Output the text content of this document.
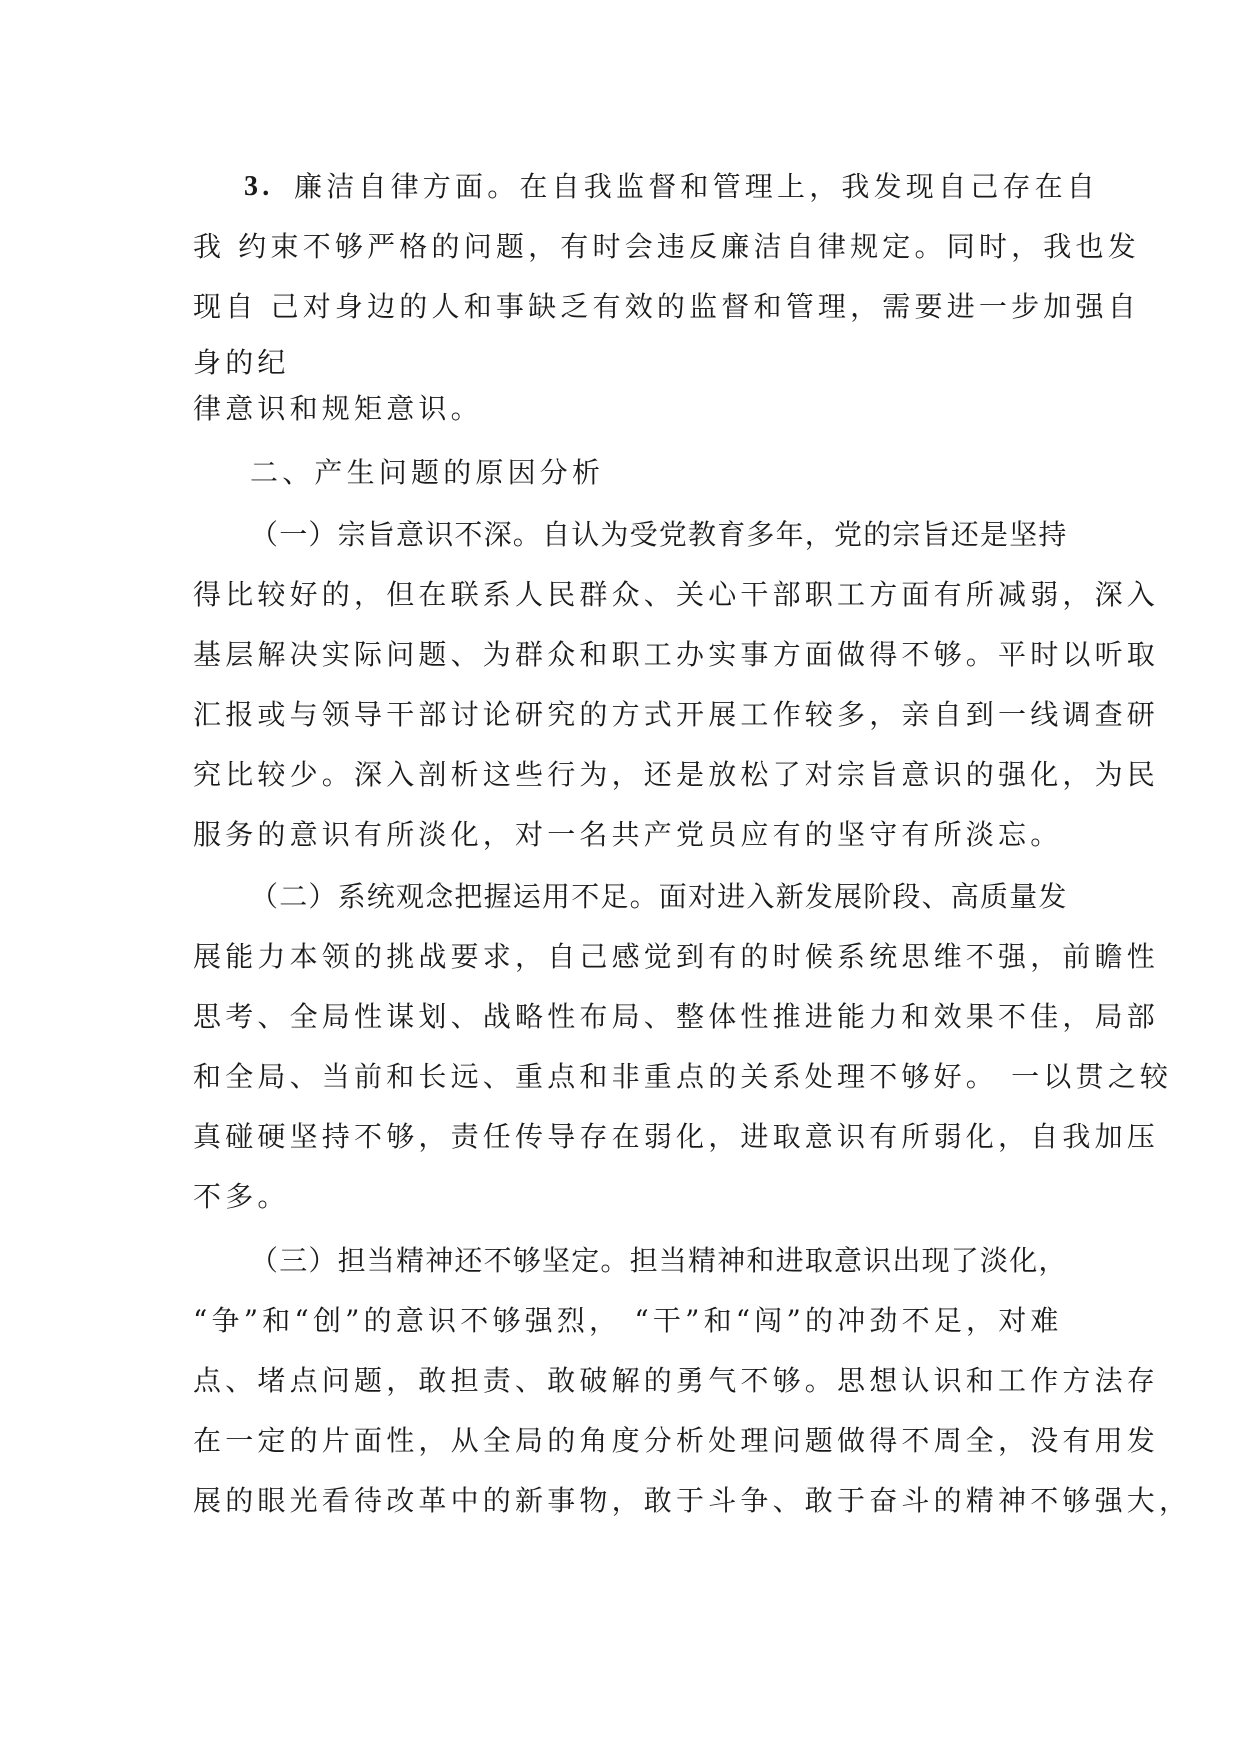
3. 廉洁自律方面。在自我监督和管理上，我发现自己存在自
我 约束不够严格的问题，有时会违反廉洁自律规定。同时，我也发
现自 己对身边的人和事缺乏有效的监督和管理，需要进一步加强自
身的纪
律意识和规矩意识。
二、产生问题的原因分析
（一）宗旨意识不深。自认为受党教育多年，党的宗旨还是坚持
得比较好的，但在联系人民群众、关心干部职工方面有所减弱，深入
基层解决实际问题、为群众和职工办实事方面做得不够。平时以听取
汇报或与领导干部讨论研究的方式开展工作较多，亲自到一线调查研
究比较少。深入剖析这些行为，还是放松了对宗旨意识的强化，为民
服务的意识有所淡化，对一名共产党员应有的坚守有所淡忘。
（二）系统观念把握运用不足。面对进入新发展阶段、高质量发
展能力本领的挑战要求，自己感觉到有的时候系统思维不强，前瞻性
思考、全局性谋划、战略性布局、整体性推进能力和效果不佳，局部
和全局、当前和长远、重点和非重点的关系处理不够好。 一以贯之较
真碰硬坚持不够，责任传导存在弱化，进取意识有所弱化，自我加压
不多。
（三）担当精神还不够坚定。担当精神和进取意识出现了淡化，
“争”和“创”的意识不够强烈， “干”和“闯”的冲劲不足，对难
点、堵点问题，敢担责、敢破解的勇气不够。思想认识和工作方法存
在一定的片面性，从全局的角度分析处理问题做得不周全，没有用发
展的眼光看待改革中的新事物，敢于斗争、敢于奋斗的精神不够强大，
